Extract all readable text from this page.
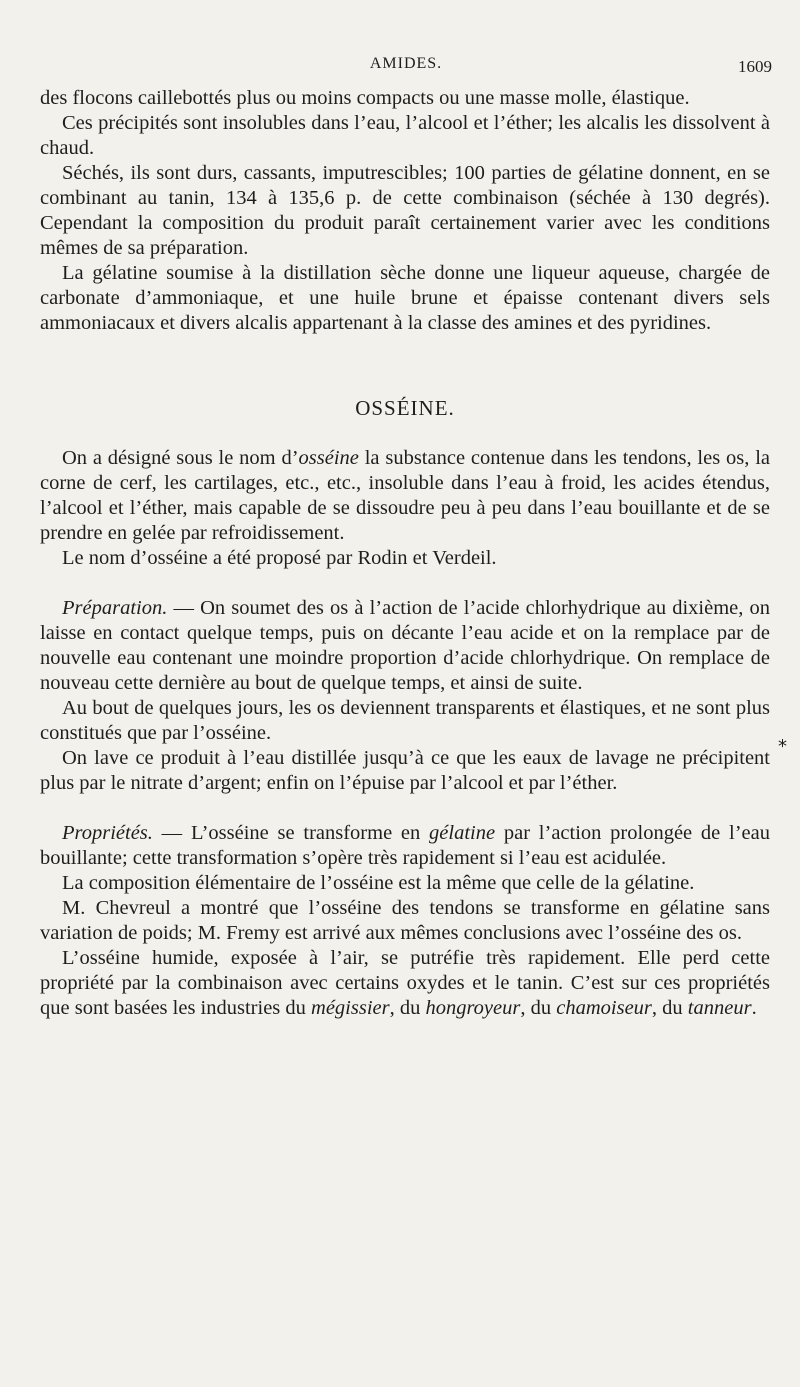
AMIDES.	1609

des flocons caillebottés plus ou moins compacts ou une masse molle, élastique.

Ces précipités sont insolubles dans l’eau, l’alcool et l’éther; les alcalis les dissolvent à chaud.

Séchés, ils sont durs, cassants, imputrescibles; 100 parties de gélatine donnent, en se combinant au tanin, 134 à 135,6 p. de cette combinaison (séchée à 130 degrés). Cependant la composition du produit paraît certainement varier avec les conditions mêmes de sa préparation.

La gélatine soumise à la distillation sèche donne une liqueur aqueuse, chargée de carbonate d’ammoniaque, et une huile brune et épaisse contenant divers sels ammoniacaux et divers alcalis appartenant à la classe des amines et des pyridines.

OSSÉINE.

On a désigné sous le nom d’osséine la substance contenue dans les tendons, les os, la corne de cerf, les cartilages, etc., etc., insoluble dans l’eau à froid, les acides étendus, l’alcool et l’éther, mais capable de se dissoudre peu à peu dans l’eau bouillante et de se prendre en gelée par refroidissement.

Le nom d’osséine a été proposé par Rodin et Verdeil.

Préparation. — On soumet des os à l’action de l’acide chlorhydrique au dixième, on laisse en contact quelque temps, puis on décante l’eau acide et on la remplace par de nouvelle eau contenant une moindre proportion d’acide chlorhydrique. On remplace de nouveau cette dernière au bout de quelque temps, et ainsi de suite.

Au bout de quelques jours, les os deviennent transparents et élastiques, et ne sont plus constitués que par l’osséine.

On lave ce produit à l’eau distillée jusqu’à ce que les eaux de lavage ne précipitent plus par le nitrate d’argent; enfin on l’épuise par l’alcool et par l’éther.

Propriétés. — L’osséine se transforme en gélatine par l’action prolongée de l’eau bouillante; cette transformation s’opère très rapidement si l’eau est acidulée.

La composition élémentaire de l’osséine est la même que celle de la gélatine.

M. Chevreul a montré que l’osséine des tendons se transforme en gélatine sans variation de poids; M. Fremy est arrivé aux mêmes conclusions avec l’osséine des os.

L’osséine humide, exposée à l’air, se putréfie très rapidement. Elle perd cette propriété par la combinaison avec certains oxydes et le tanin. C’est sur ces propriétés que sont basées les industries du mégissier, du hongroyeur, du chamoiseur, du tanneur.

*
